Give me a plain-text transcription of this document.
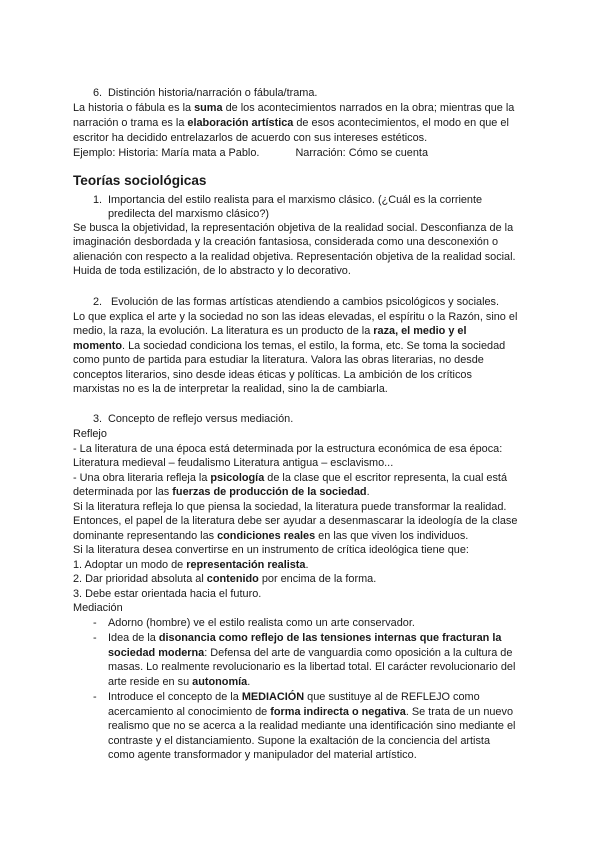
6. Distinción historia/narración o fábula/trama.

La historia o fábula es la suma de los acontecimientos narrados en la obra; mientras que la

narración o trama es la elaboración artística de esos acontecimientos, el modo en que el

escritor ha decidido entrelazarlos de acuerdo con sus intereses estéticos.

Ejemplo: Historia: María mata a Pablo.	Narración: Cómo se cuenta

Teorías sociológicas

1. Importancia del estilo realista para el marxismo clásico. (¿Cuál es la corriente

predilecta del marxismo clásico?)

Se busca la objetividad, la representación objetiva de la realidad social. Desconfianza de la

imaginación desbordada y la creación fantasiosa, considerada como una desconexión o

alienación con respecto a la realidad objetiva. Representación objetiva de la realidad social.

Huida de toda estilización, de lo abstracto y lo decorativo.

2. Evolución de las formas artísticas atendiendo a cambios psicológicos y sociales.

Lo que explica el arte y la sociedad no son las ideas elevadas, el espíritu o la Razón, sino el

medio, la raza, la evolución. La literatura es un producto de la raza, el medio y el

momento. La sociedad condiciona los temas, el estilo, la forma, etc. Se toma la sociedad

como punto de partida para estudiar la literatura. Valora las obras literarias, no desde

conceptos literarios, sino desde ideas éticas y políticas. La ambición de los críticos

marxistas no es la de interpretar la realidad, sino la de cambiarla.

3. Concepto de reflejo versus mediación.

Reflejo

- La literatura de una época está determinada por la estructura económica de esa época:

Literatura medieval – feudalismo Literatura antigua – esclavismo...

- Una obra literaria refleja la psicología de la clase que el escritor representa, la cual está

determinada por las fuerzas de producción de la sociedad.

Si la literatura refleja lo que piensa la sociedad, la literatura puede transformar la realidad.

Entonces, el papel de la literatura debe ser ayudar a desenmascarar la ideología de la clase

dominante representando las condiciones reales en las que viven los individuos.

Si la literatura desea convertirse en un instrumento de crítica ideológica tiene que:

1. Adoptar un modo de representación realista.

2. Dar prioridad absoluta al contenido por encima de la forma.

3. Debe estar orientada hacia el futuro.

Mediación

- Adorno (hombre) ve el estilo realista como un arte conservador.

- Idea de la disonancia como reflejo de las tensiones internas que fracturan la

sociedad moderna: Defensa del arte de vanguardia como oposición a la cultura de

masas. Lo realmente revolucionario es la libertad total. El carácter revolucionario del

arte reside en su autonomía.

- Introduce el concepto de la MEDIACIÓN que sustituye al de REFLEJO como

acercamiento al conocimiento de forma indirecta o negativa. Se trata de un nuevo

realismo que no se acerca a la realidad mediante una identificación sino mediante el

contraste y el distanciamiento. Supone la exaltación de la conciencia del artista

como agente transformador y manipulador del material artístico.
